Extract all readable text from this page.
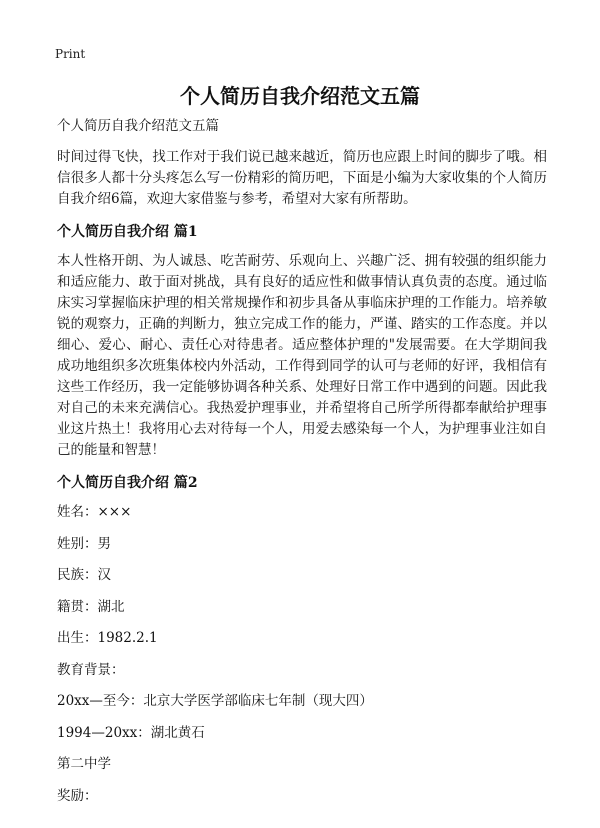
Print
个人简历自我介绍范文五篇

个人简历自我介绍范文五篇

时间过得飞快，找工作对于我们说已越来越近，简历也应跟上时间的脚步了哦。相信很多人都十分头疼怎么写一份精彩的简历吧，下面是小编为大家收集的个人简历自我介绍6篇，欢迎大家借鉴与参考，希望对大家有所帮助。

个人简历自我介绍 篇1

本人性格开朗、为人诚恳、吃苦耐劳、乐观向上、兴趣广泛、拥有较强的组织能力和适应能力、敢于面对挑战，具有良好的适应性和做事情认真负责的态度。通过临床实习掌握临床护理的相关常规操作和初步具备从事临床护理的工作能力。培养敏锐的观察力，正确的判断力，独立完成工作的能力，严谨、踏实的工作态度。并以细心、爱心、耐心、责任心对待患者。适应整体护理的"发展需要。在大学期间我成功地组织多次班集体校内外活动，工作得到同学的认可与老师的好评，我相信有这些工作经历，我一定能够协调各种关系、处理好日常工作中遇到的问题。因此我对自己的未来充满信心。我热爱护理事业，并希望将自己所学所得都奉献给护理事业这片热土！我将用心去对待每一个人，用爱去感染每一个人，为护理事业注如自己的能量和智慧！

个人简历自我介绍 篇2

姓名：×××

姓别：男

民族：汉

籍贯：湖北

出生：1982.2.1

教育背景：

20xx—至今：北京大学医学部临床七年制（现大四）

1994—20xx：湖北黄石

第二中学

奖励：
